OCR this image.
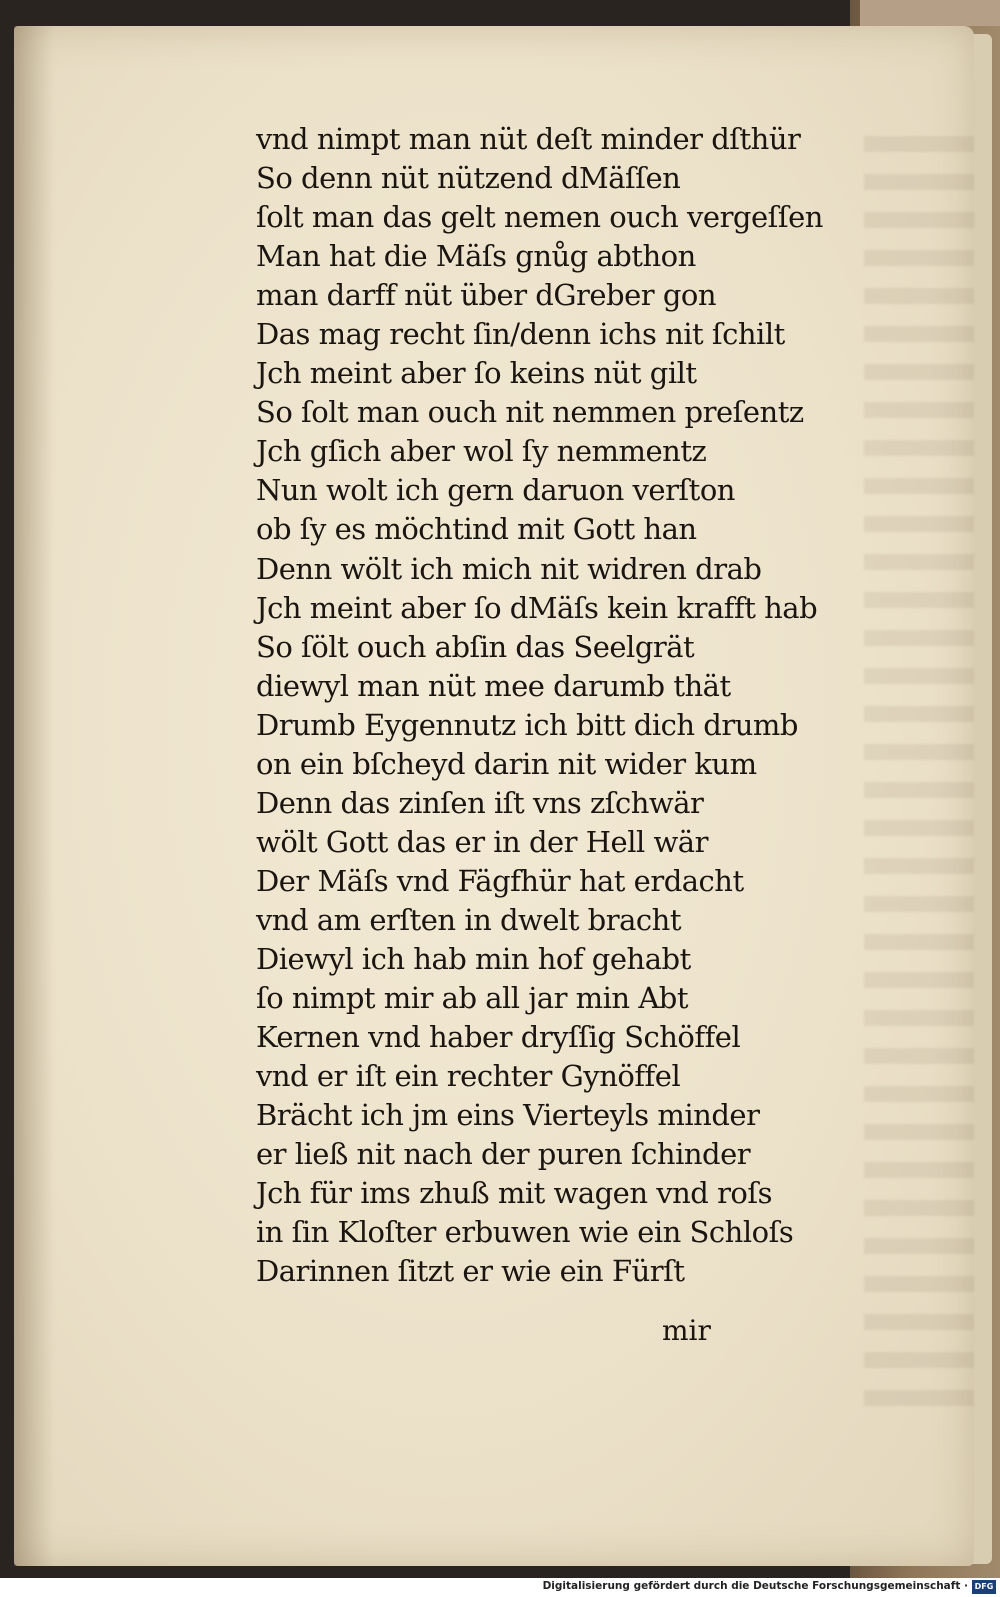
vnd nimpt man nüt deſt minder dſthür
So denn nüt nützend dMäſſen
ſolt man das gelt nemen ouch vergeſſen
Man hat die Mäſs gnůg abthon
man darff nüt über dGreber gon
Das mag recht ſin/denn ichs nit ſchilt
Jch meint aber ſo keins nüt gilt
So ſolt man ouch nit nemmen preſentz
Jch gſich aber wol ſy nemmentz
Nun wolt ich gern daruon verſton
ob ſy es möchtind mit Gott han
Denn wölt ich mich nit widren drab
Jch meint aber ſo dMäſs kein krafft hab
So ſölt ouch abſin das Seelgrät
diewyl man nüt mee darumb thät
Drumb Eygennutz ich bitt dich drumb
on ein bſcheyd darin nit wider kum
Denn das zinſen iſt vns zſchwär
wölt Gott das er in der Hell wär
Der Mäſs vnd Fägfhür hat erdacht
vnd am erſten in dwelt bracht
Diewyl ich hab min hof gehabt
ſo nimpt mir ab all jar min Abt
Kernen vnd haber dryſſig Schöffel
vnd er iſt ein rechter Gynöffel
Brächt ich jm eins Vierteyls minder
er ließ nit nach der puren ſchinder
Jch für ims zhuß mit wagen vnd roſs
in ſin Kloſter erbuwen wie ein Schloſs
Darinnen ſitzt er wie ein Fürſt
mir
Digitalisierung gefördert durch die Deutsche Forschungsgemeinschaft · DFG
